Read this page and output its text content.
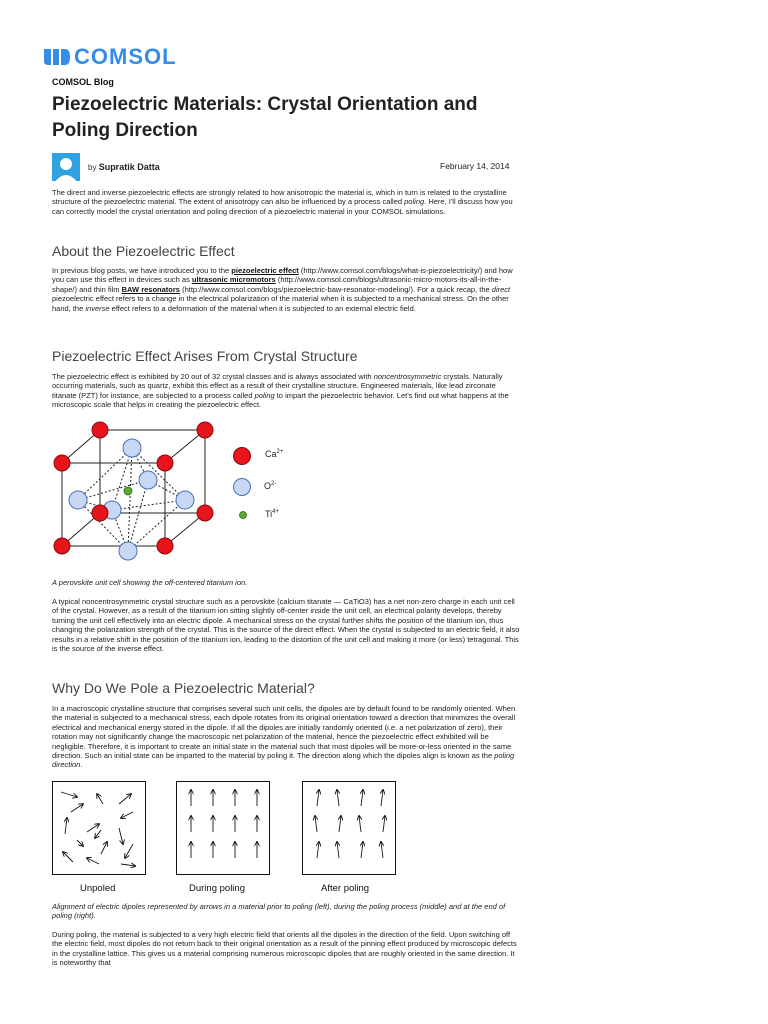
COMSOL
COMSOL Blog
Piezoelectric Materials: Crystal Orientation and Poling Direction
by Supratik Datta	February 14, 2014

The direct and inverse piezoelectric effects are strongly related to how anisotropic the material is, which in turn is related to the crystalline structure of the piezoelectric material. The extent of anisotropy can also be influenced by a process called poling. Here, I'll discuss how you can correctly model the crystal orientation and poling direction of a piezoelectric material in your COMSOL simulations.

About the Piezoelectric Effect

In previous blog posts, we have introduced you to the piezoelectric effect (http://www.comsol.com/blogs/what-is-piezoelectricity/) and how you can use this effect in devices such as ultrasonic micromotors (http://www.comsol.com/blogs/ultrasonic-micro-motors-its-all-in-the-shape/) and thin film BAW resonators (http://www.comsol.com/blogs/piezoelectric-baw-resonator-modeling/). For a quick recap, the direct piezoelectric effect refers to a change in the electrical polarization of the material when it is subjected to a mechanical stress. On the other hand, the inverse effect refers to a deformation of the material when it is subjected to an external electric field.

Piezoelectric Effect Arises From Crystal Structure

The piezoelectric effect is exhibited by 20 out of 32 crystal classes and is always associated with noncentrosymmetric crystals. Naturally occurring materials, such as quartz, exhibit this effect as a result of their crystalline structure. Engineered materials, like lead zirconate titanate (PZT) for instance, are subjected to a process called poling to impart the piezoelectric behavior. Let's find out what happens at the microscopic scale that helps in creating the piezoelectric effect.

$Ca^{2+}$
$O^{2-}$
$Ti^{4+}$

A perovskite unit cell showing the off-centered titanium ion.

A typical noncentrosymmetric crystal structure such as a perovskite (calcium titanate — CaTiO3) has a net non-zero charge in each unit cell of the crystal. However, as a result of the titanium ion sitting slightly off-center inside the unit cell, an electrical polarity develops, thereby turning the unit cell effectively into an electric dipole. A mechanical stress on the crystal further shifts the position of the titanium ion, thus changing the polarization strength of the crystal. This is the source of the direct effect. When the crystal is subjected to an electric field, it also results in a relative shift in the position of the titanium ion, leading to the distortion of the unit cell and making it more (or less) tetragonal. This is the source of the inverse effect.

Why Do We Pole a Piezoelectric Material?

In a macroscopic crystalline structure that comprises several such unit cells, the dipoles are by default found to be randomly oriented. When the material is subjected to a mechanical stress, each dipole rotates from its original orientation toward a direction that minimizes the overall electrical and mechanical energy stored in the dipole. If all the dipoles are initially randomly oriented (i.e. a net polarization of zero), their rotation may not significantly change the macroscopic net polarization of the material, hence the piezoelectric effect exhibited will be negligible. Therefore, it is important to create an initial state in the material such that most dipoles will be more-or-less oriented in the same direction. Such an initial state can be imparted to the material by poling it. The direction along which the dipoles align is known as the poling direction.

Unpoled	During poling	After poling

Alignment of electric dipoles represented by arrows in a material prior to poling (left), during the poling process (middle) and at the end of poling (right).

During poling, the material is subjected to a very high electric field that orients all the dipoles in the direction of the field. Upon switching off the electric field, most dipoles do not return back to their original orientation as a result of the pinning effect produced by microscopic defects in the crystalline lattice. This gives us a material comprising numerous microscopic dipoles that are roughly oriented in the same direction. It is noteworthy that
